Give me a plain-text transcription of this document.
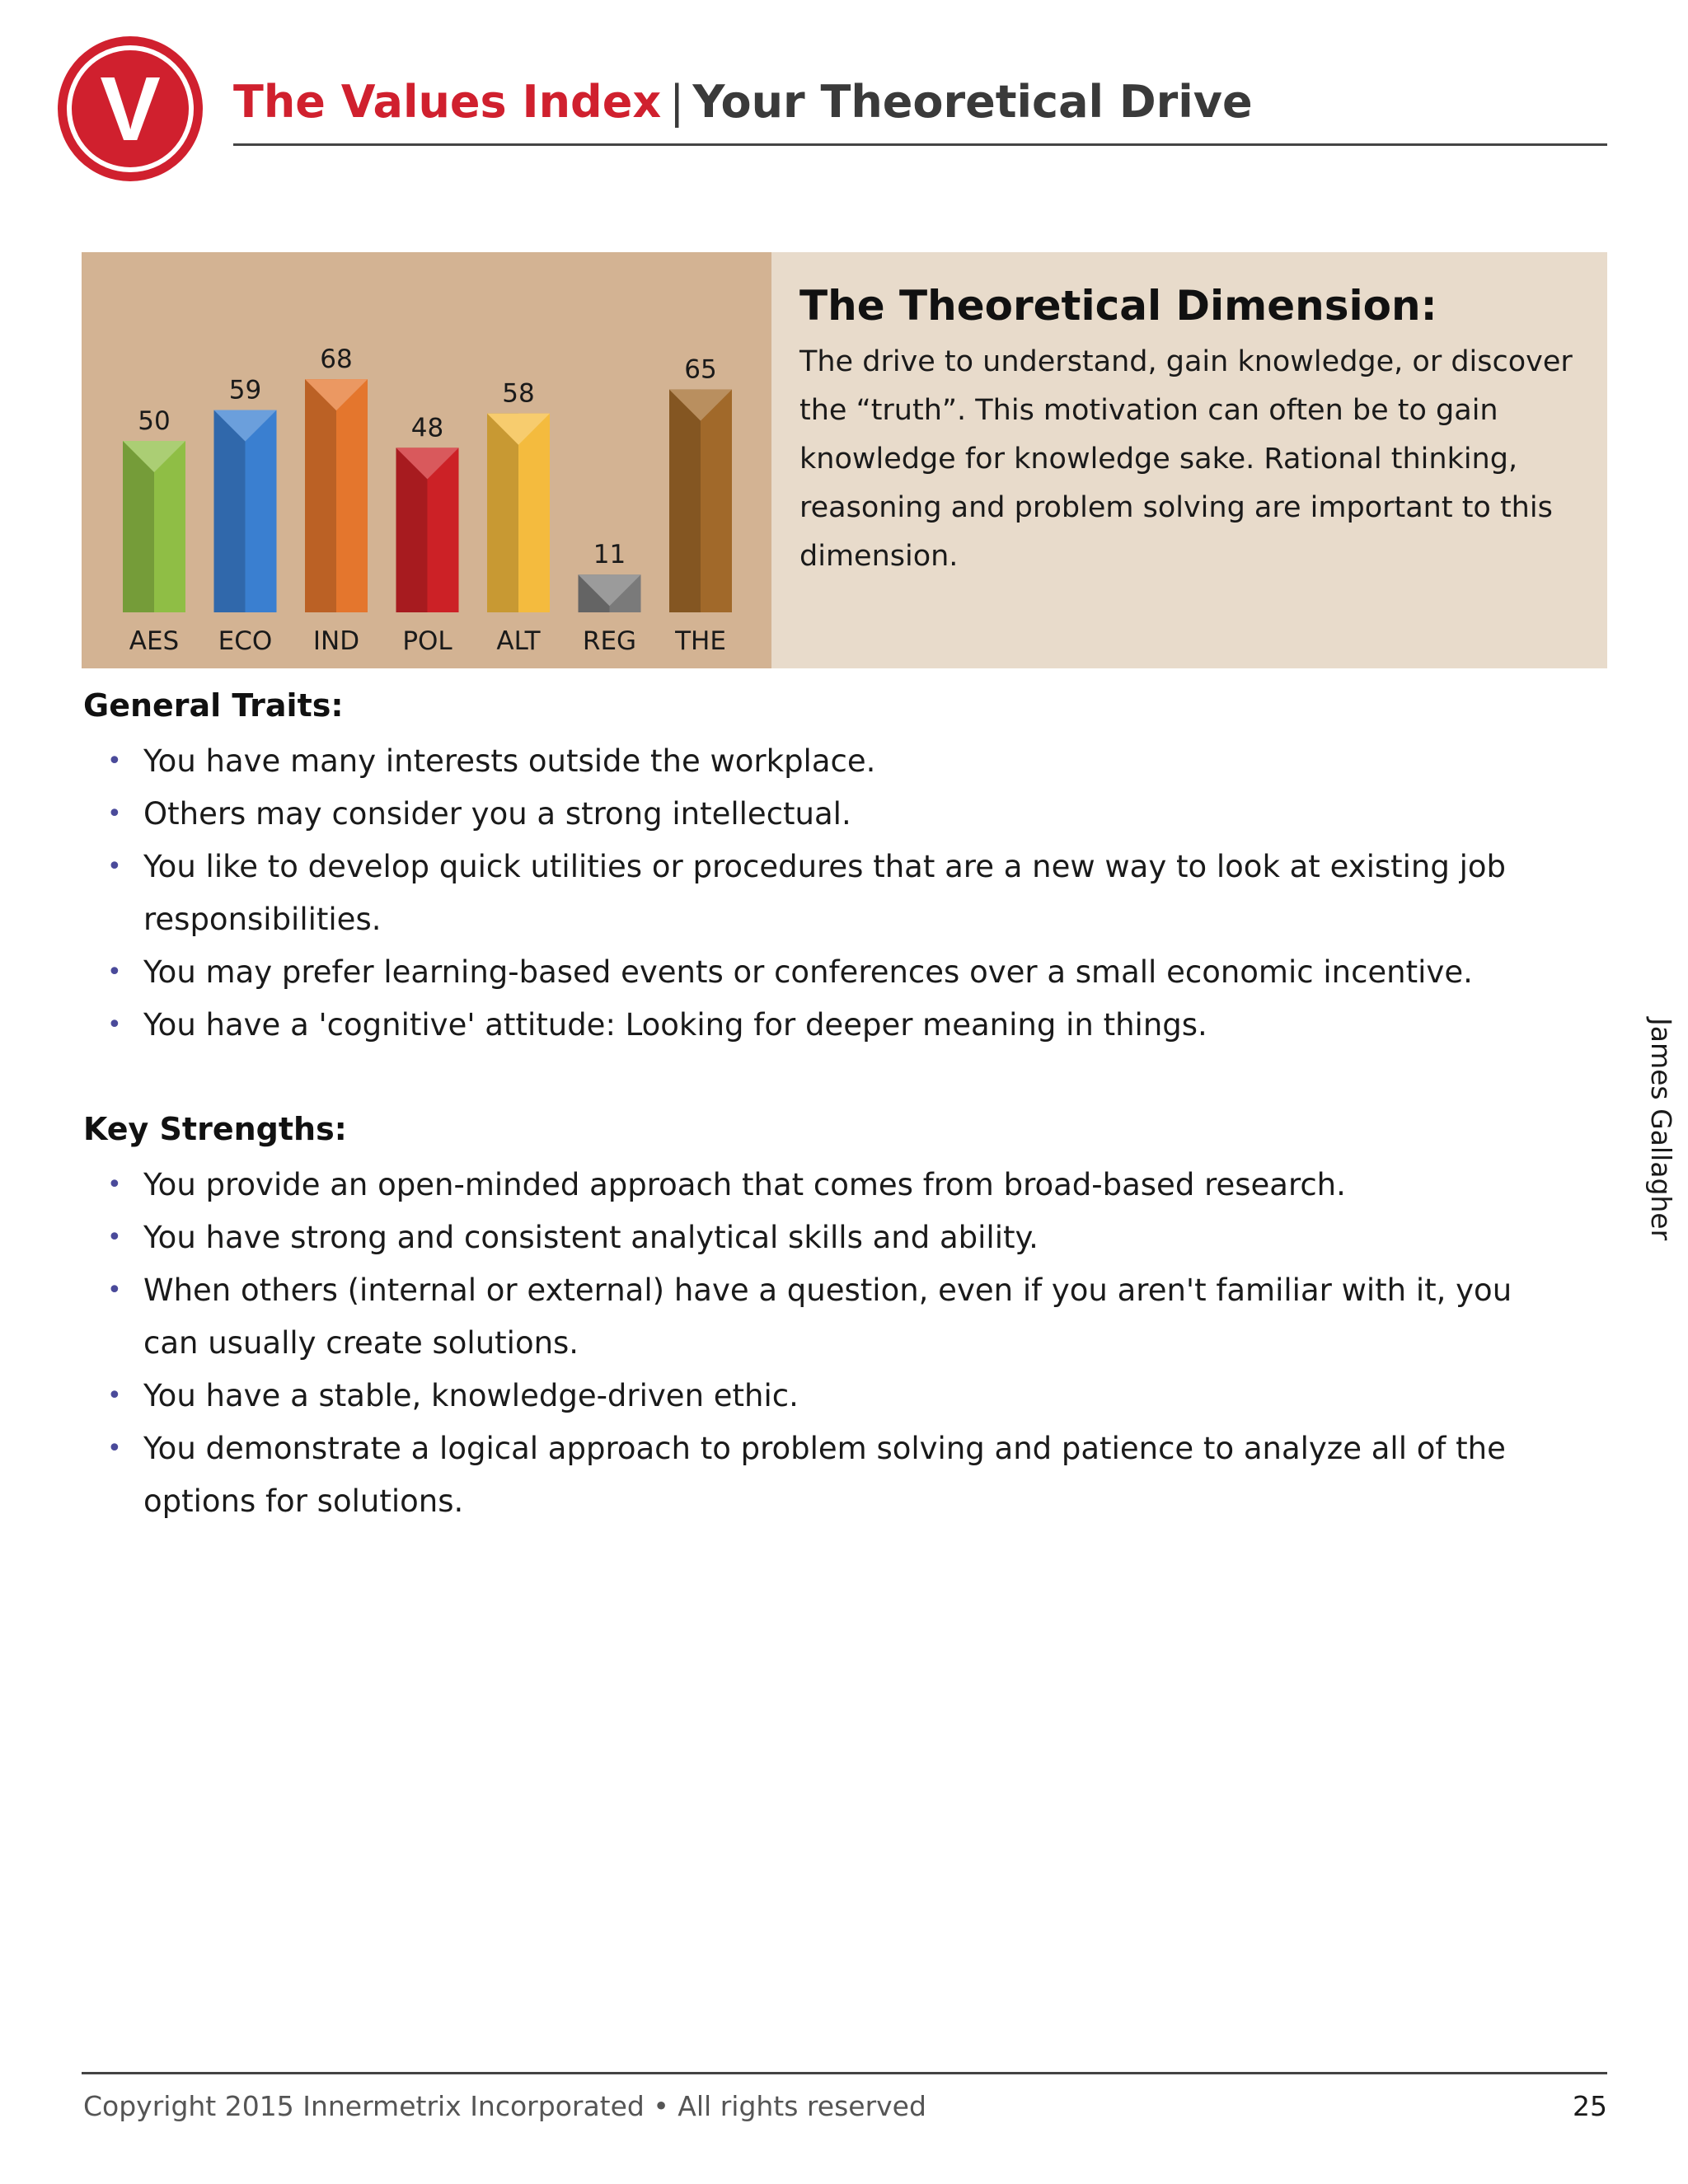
V The Values Index | Your Theoretical Drive
50
AES
59
ECO
68
IND
48
POL
58
ALT
11
REG
65
THE
The Theoretical Dimension:
The drive to understand, gain knowledge, or discover the “truth”. This motivation can often be to gain knowledge for knowledge sake. Rational thinking, reasoning and problem solving are important to this dimension.
General Traits:
• You have many interests outside the workplace.
• Others may consider you a strong intellectual.
• You like to develop quick utilities or procedures that are a new way to look at existing job responsibilities.
• You may prefer learning-based events or conferences over a small economic incentive.
• You have a 'cognitive' attitude: Looking for deeper meaning in things.
Key Strengths:
• You provide an open-minded approach that comes from broad-based research.
• You have strong and consistent analytical skills and ability.
• When others (internal or external) have a question, even if you aren't familiar with it, you can usually create solutions.
• You have a stable, knowledge-driven ethic.
• You demonstrate a logical approach to problem solving and patience to analyze all of the options for solutions.
James Gallagher
Copyright 2015 Innermetrix Incorporated • All rights reserved	25
